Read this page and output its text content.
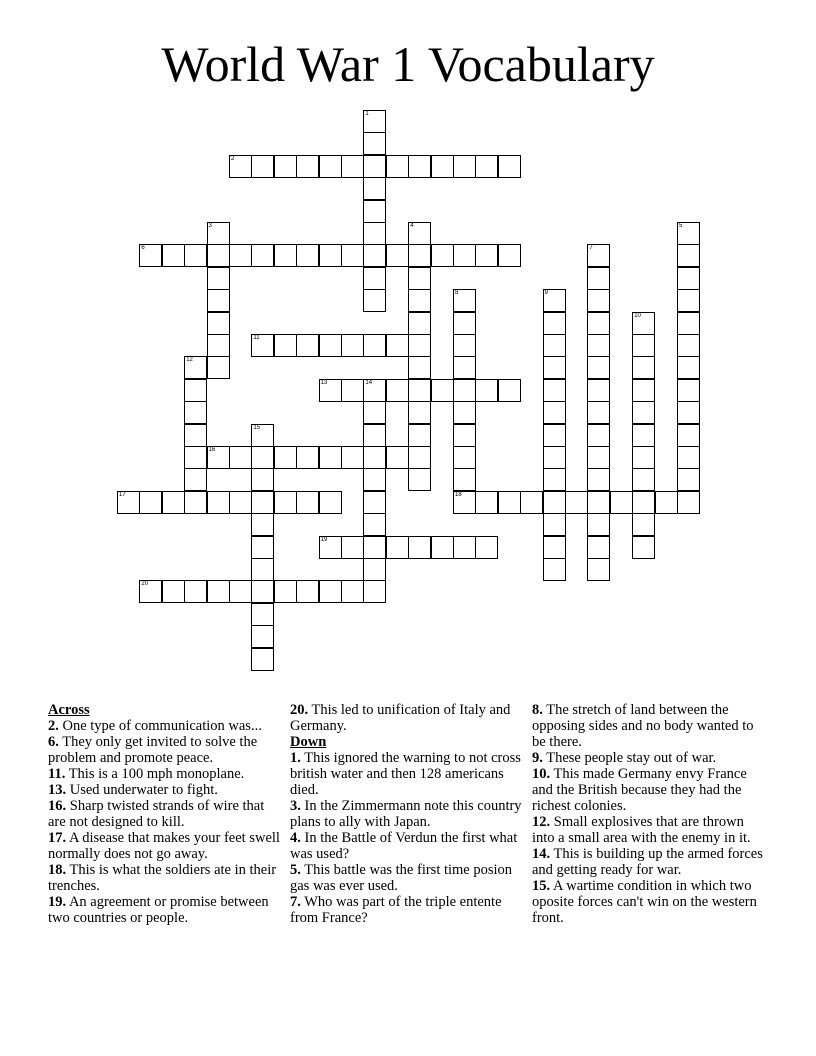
World War 1 Vocabulary
1
2
3	4	5
6	7
8
18
9
10
11
12
13	14
15
16
17
19
20
Across
2. One type of communication was...
6. They only get invited to solve the problem and promote peace.
11. This is a 100 mph monoplane.
13. Used underwater to fight.
16. Sharp twisted strands of wire that are not designed to kill.
17. A disease that makes your feet swell normally does not go away.
18. This is what the soldiers ate in their trenches.
19. An agreement or promise between two countries or people.
20. This led to unification of Italy and Germany.
Down
1. This ignored the warning to not cross british water and then 128 americans died.
3. In the Zimmermann note this country plans to ally with Japan.
4. In the Battle of Verdun the first what was used?
5. This battle was the first time posion gas was ever used.
7. Who was part of the triple entente from France?
8. The stretch of land between the opposing sides and no body wanted to be there.
9. These people stay out of war.
10. This made Germany envy France and the British because they had the richest colonies.
12. Small explosives that are thrown into a small area with the enemy in it.
14. This is building up the armed forces and getting ready for war.
15. A wartime condition in which two oposite forces can't win on the western front.
